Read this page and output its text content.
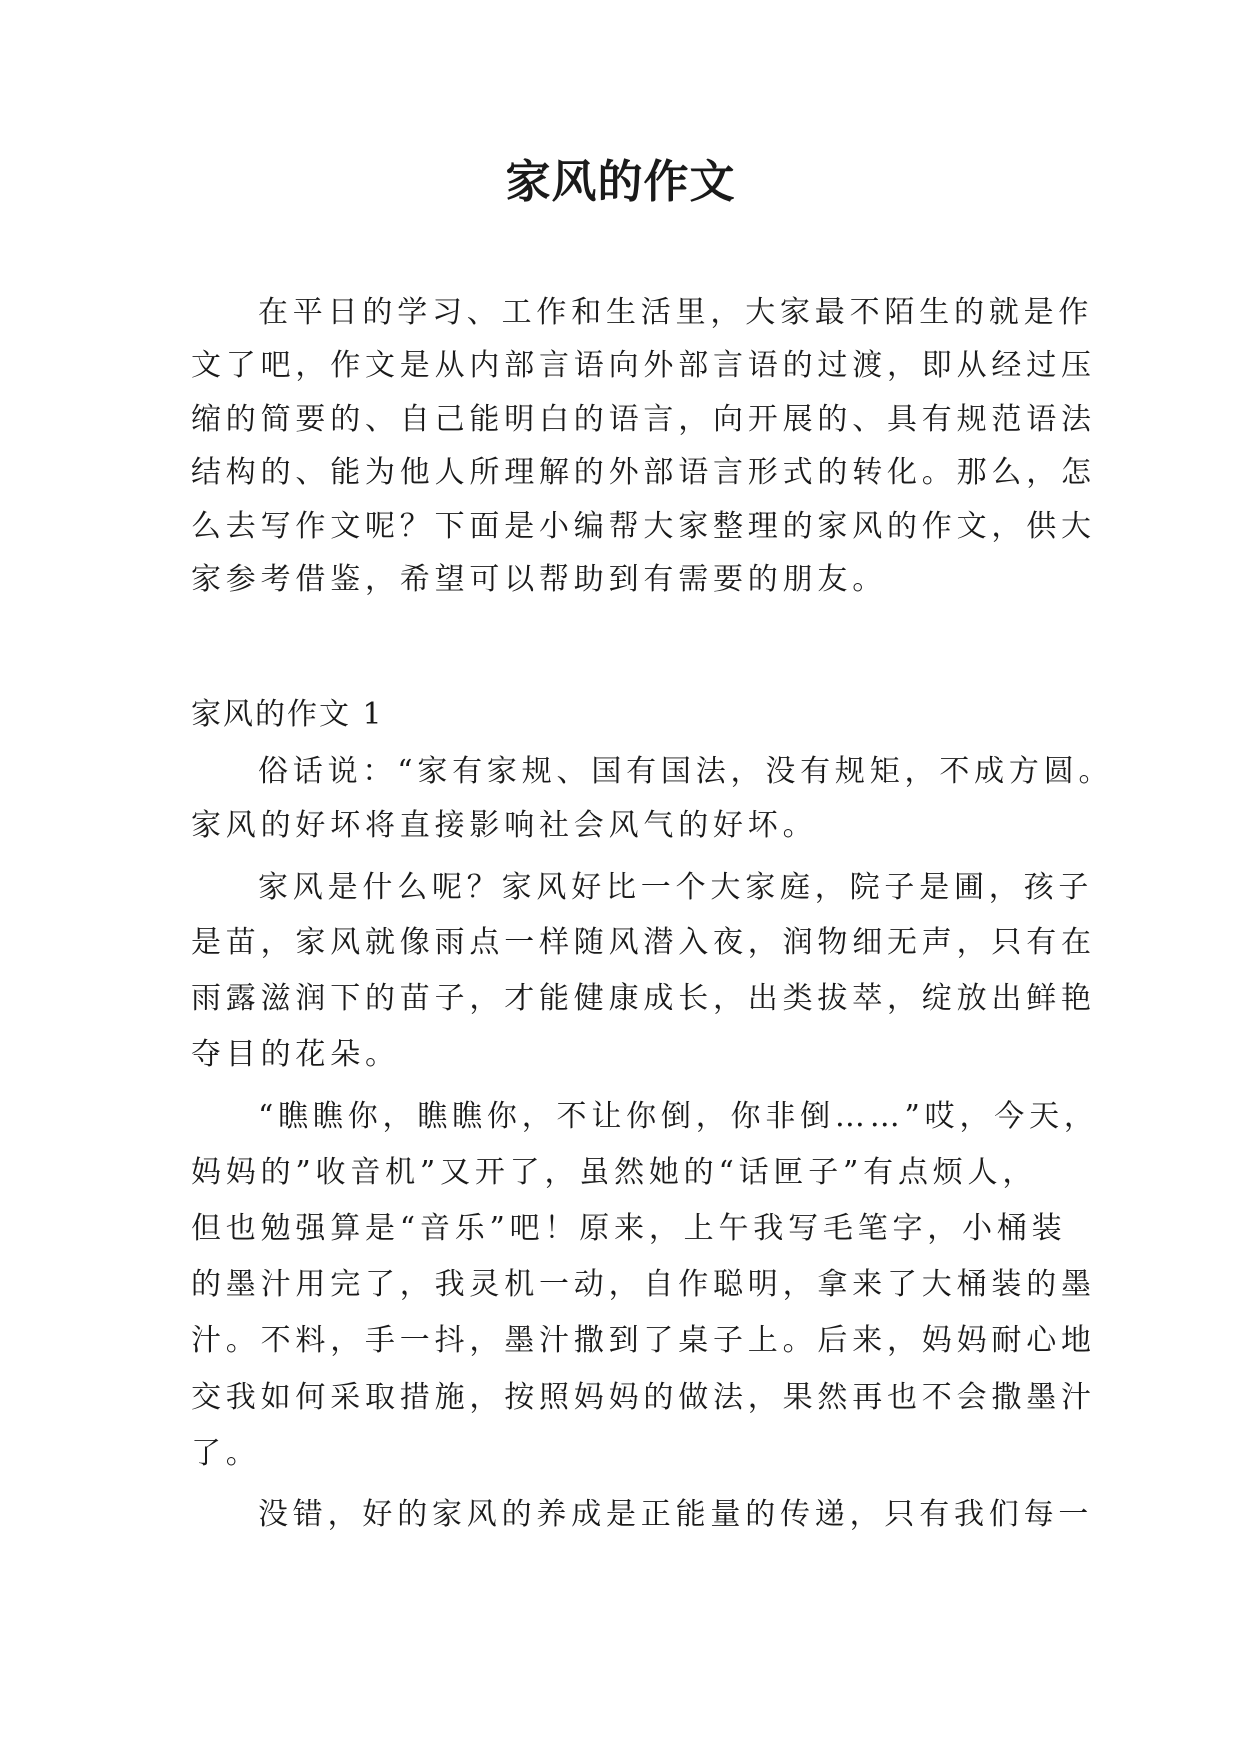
家风的作文

在平日的学习、工作和生活里，大家最不陌生的就是作

文了吧，作文是从内部言语向外部言语的过渡，即从经过压

缩的简要的、自己能明白的语言，向开展的、具有规范语法

结构的、能为他人所理解的外部语言形式的转化。那么，怎

么去写作文呢？下面是小编帮大家整理的家风的作文，供大

家参考借鉴，希望可以帮助到有需要的朋友。

家风的作文 1

俗话说：“家有家规、国有国法，没有规矩，不成方圆。

家风的好坏将直接影响社会风气的好坏。

家风是什么呢？家风好比一个大家庭，院子是圃，孩子

是苗，家风就像雨点一样随风潜入夜，润物细无声，只有在

雨露滋润下的苗子，才能健康成长，出类拔萃，绽放出鲜艳

夺目的花朵。

“瞧瞧你，瞧瞧你，不让你倒，你非倒……”哎，今天，

妈妈的”收音机”又开了，虽然她的“话匣子”有点烦人，

但也勉强算是“音乐”吧！原来，上午我写毛笔字，小桶装

的墨汁用完了，我灵机一动，自作聪明，拿来了大桶装的墨

汁。不料，手一抖，墨汁撒到了桌子上。后来，妈妈耐心地

交我如何采取措施，按照妈妈的做法，果然再也不会撒墨汁

了。

没错，好的家风的养成是正能量的传递，只有我们每一
